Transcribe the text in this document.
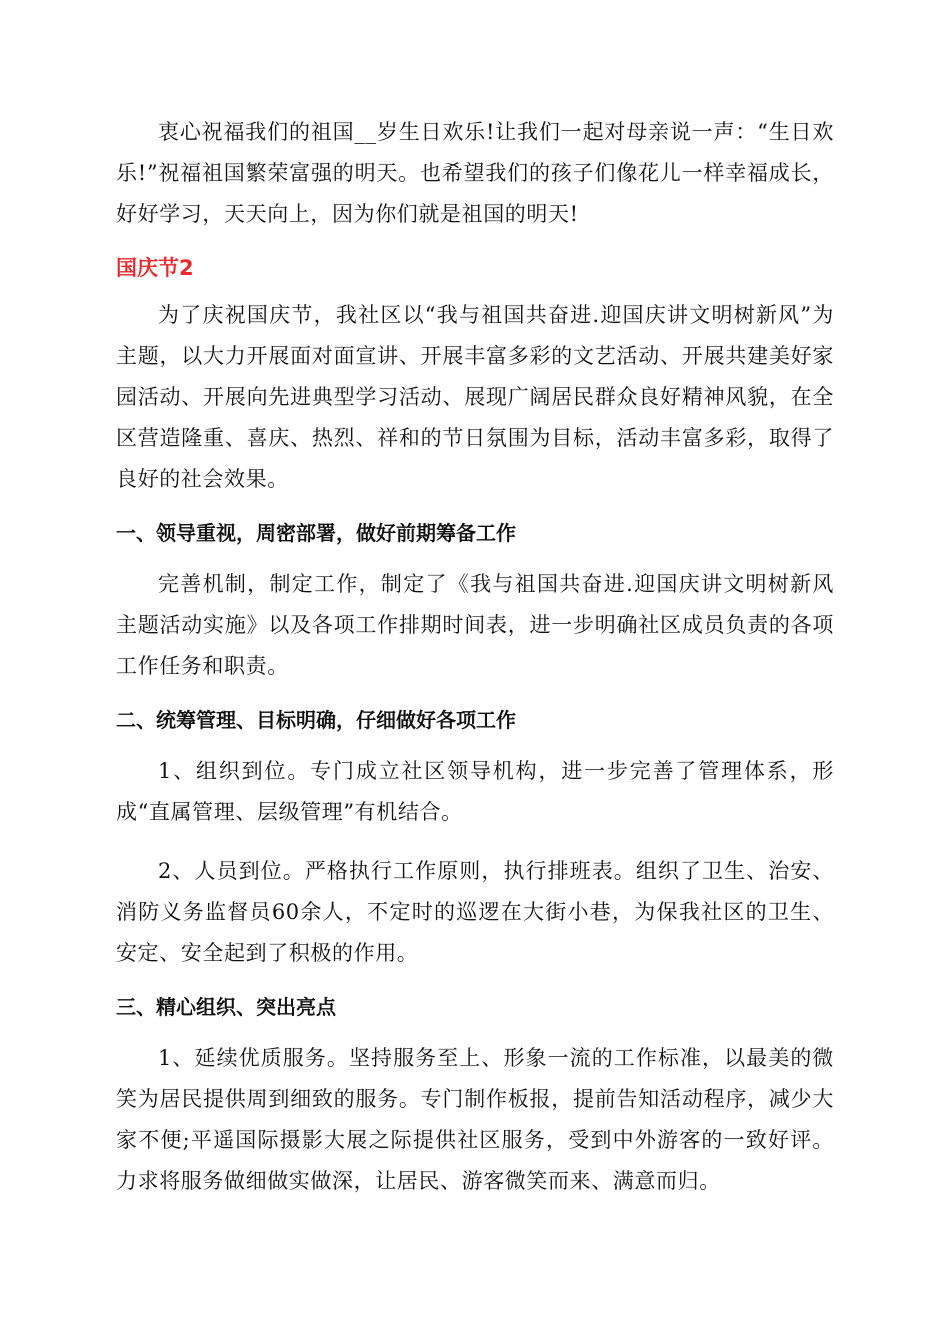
衷心祝福我们的祖国__岁生日欢乐!让我们一起对母亲说一声：“生日欢乐!”祝福祖国繁荣富强的明天。也希望我们的孩子们像花儿一样幸福成长，好好学习，天天向上，因为你们就是祖国的明天!

国庆节2

为了庆祝国庆节，我社区以“我与祖国共奋进.迎国庆讲文明树新风”为主题，以大力开展面对面宣讲、开展丰富多彩的文艺活动、开展共建美好家园活动、开展向先进典型学习活动、展现广阔居民群众良好精神风貌，在全区营造隆重、喜庆、热烈、祥和的节日氛围为目标，活动丰富多彩，取得了良好的社会效果。

一、领导重视，周密部署，做好前期筹备工作

完善机制，制定工作，制定了《我与祖国共奋进.迎国庆讲文明树新风主题活动实施》以及各项工作排期时间表，进一步明确社区成员负责的各项工作任务和职责。

二、统筹管理、目标明确，仔细做好各项工作

1、组织到位。专门成立社区领导机构，进一步完善了管理体系，形成“直属管理、层级管理”有机结合。

2、人员到位。严格执行工作原则，执行排班表。组织了卫生、治安、消防义务监督员60余人，不定时的巡逻在大街小巷，为保我社区的卫生、安定、安全起到了积极的作用。

三、精心组织、突出亮点

1、延续优质服务。坚持服务至上、形象一流的工作标准，以最美的微笑为居民提供周到细致的服务。专门制作板报，提前告知活动程序，减少大家不便;平遥国际摄影大展之际提供社区服务，受到中外游客的一致好评。力求将服务做细做实做深，让居民、游客微笑而来、满意而归。
